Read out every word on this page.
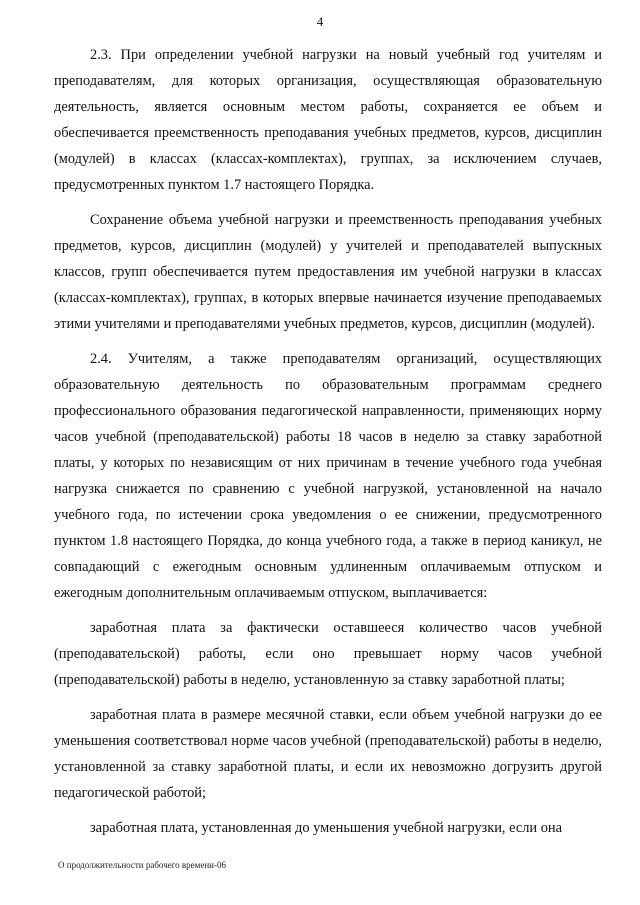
4

2.3. При определении учебной нагрузки на новый учебный год учителям и преподавателям, для которых организация, осуществляющая образовательную деятельность, является основным местом работы, сохраняется ее объем и обеспечивается преемственность преподавания учебных предметов, курсов, дисциплин (модулей) в классах (классах-комплектах), группах, за исключением случаев, предусмотренных пунктом 1.7 настоящего Порядка.

Сохранение объема учебной нагрузки и преемственность преподавания учебных предметов, курсов, дисциплин (модулей) у учителей и преподавателей выпускных классов, групп обеспечивается путем предоставления им учебной нагрузки в классах (классах-комплектах), группах, в которых впервые начинается изучение преподаваемых этими учителями и преподавателями учебных предметов, курсов, дисциплин (модулей).

2.4. Учителям, а также преподавателям организаций, осуществляющих образовательную деятельность по образовательным программам среднего профессионального образования педагогической направленности, применяющих норму часов учебной (преподавательской) работы 18 часов в неделю за ставку заработной платы, у которых по независящим от них причинам в течение учебного года учебная нагрузка снижается по сравнению с учебной нагрузкой, установленной на начало учебного года, по истечении срока уведомления о ее снижении, предусмотренного пунктом 1.8 настоящего Порядка, до конца учебного года, а также в период каникул, не совпадающий с ежегодным основным удлиненным оплачиваемым отпуском и ежегодным дополнительным оплачиваемым отпуском, выплачивается:

заработная плата за фактически оставшееся количество часов учебной (преподавательской) работы, если оно превышает норму часов учебной (преподавательской) работы в неделю, установленную за ставку заработной платы;

заработная плата в размере месячной ставки, если объем учебной нагрузки до ее уменьшения соответствовал норме часов учебной (преподавательской) работы в неделю, установленной за ставку заработной платы, и если их невозможно догрузить другой педагогической работой;

заработная плата, установленная до уменьшения учебной нагрузки, если она

О продолжительности рабочего времени-06
